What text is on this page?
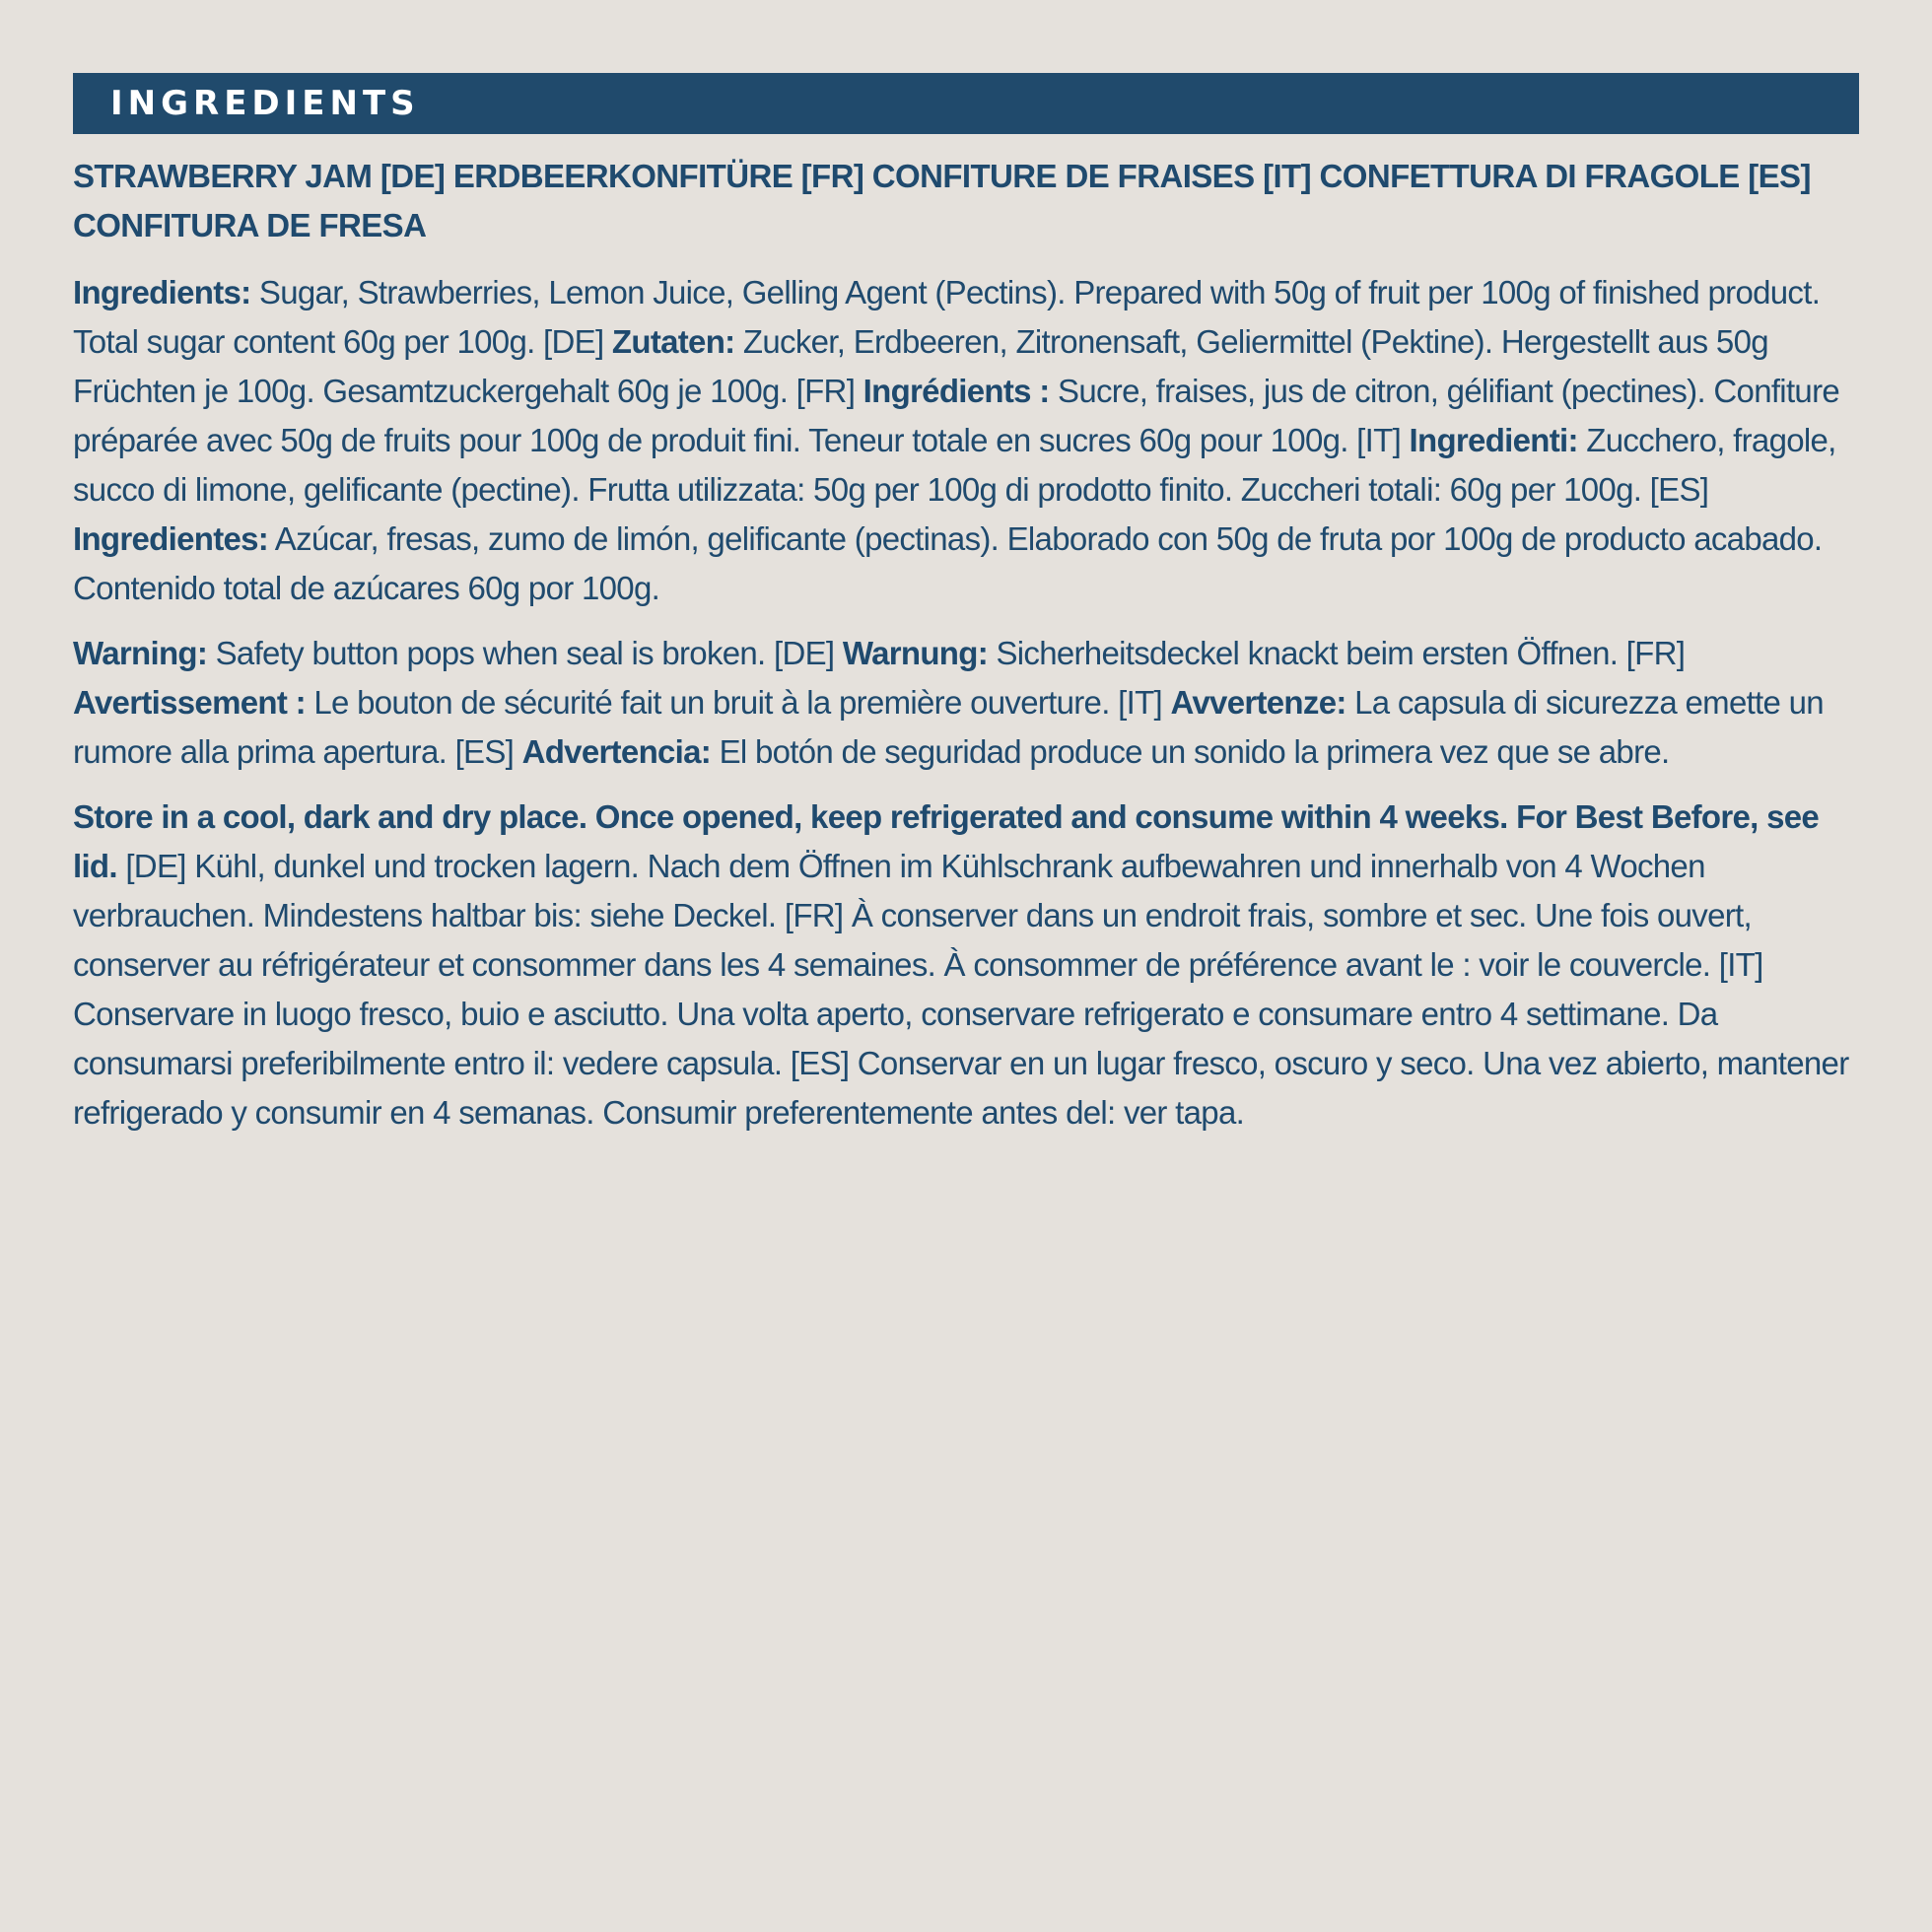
INGREDIENTS

STRAWBERRY JAM [DE] ERDBEERKONFITÜRE [FR] CONFITURE DE FRAISES [IT] CONFETTURA DI FRAGOLE [ES] CONFITURA DE FRESA

Ingredients: Sugar, Strawberries, Lemon Juice, Gelling Agent (Pectins). Prepared with 50g of fruit per 100g of finished product. Total sugar content 60g per 100g. [DE] Zutaten: Zucker, Erdbeeren, Zitronensaft, Geliermittel (Pektine). Hergestellt aus 50g Früchten je 100g. Gesamtzuckergehalt 60g je 100g. [FR] Ingrédients : Sucre, fraises, jus de citron, gélifiant (pectines). Confiture préparée avec 50g de fruits pour 100g de produit fini. Teneur totale en sucres 60g pour 100g. [IT] Ingredienti: Zucchero, fragole, succo di limone, gelificante (pectine). Frutta utilizzata: 50g per 100g di prodotto finito. Zuccheri totali: 60g per 100g. [ES] Ingredientes: Azúcar, fresas, zumo de limón, gelificante (pectinas). Elaborado con 50g de fruta por 100g de producto acabado. Contenido total de azúcares 60g por 100g.

Warning: Safety button pops when seal is broken. [DE] Warnung: Sicherheitsdeckel knackt beim ersten Öffnen. [FR] Avertissement : Le bouton de sécurité fait un bruit à la première ouverture. [IT] Avvertenze: La capsula di sicurezza emette un rumore alla prima apertura. [ES] Advertencia: El botón de seguridad produce un sonido la primera vez que se abre.

Store in a cool, dark and dry place. Once opened, keep refrigerated and consume within 4 weeks. For Best Before, see lid. [DE] Kühl, dunkel und trocken lagern. Nach dem Öffnen im Kühlschrank aufbewahren und innerhalb von 4 Wochen verbrauchen. Mindestens haltbar bis: siehe Deckel. [FR] À conserver dans un endroit frais, sombre et sec. Une fois ouvert, conserver au réfrigérateur et consommer dans les 4 semaines. À consommer de préférence avant le : voir le couvercle. [IT] Conservare in luogo fresco, buio e asciutto. Una volta aperto, conservare refrigerato e consumare entro 4 settimane. Da consumarsi preferibilmente entro il: vedere capsula. [ES] Conservar en un lugar fresco, oscuro y seco. Una vez abierto, mantener refrigerado y consumir en 4 semanas. Consumir preferentemente antes del: ver tapa.
